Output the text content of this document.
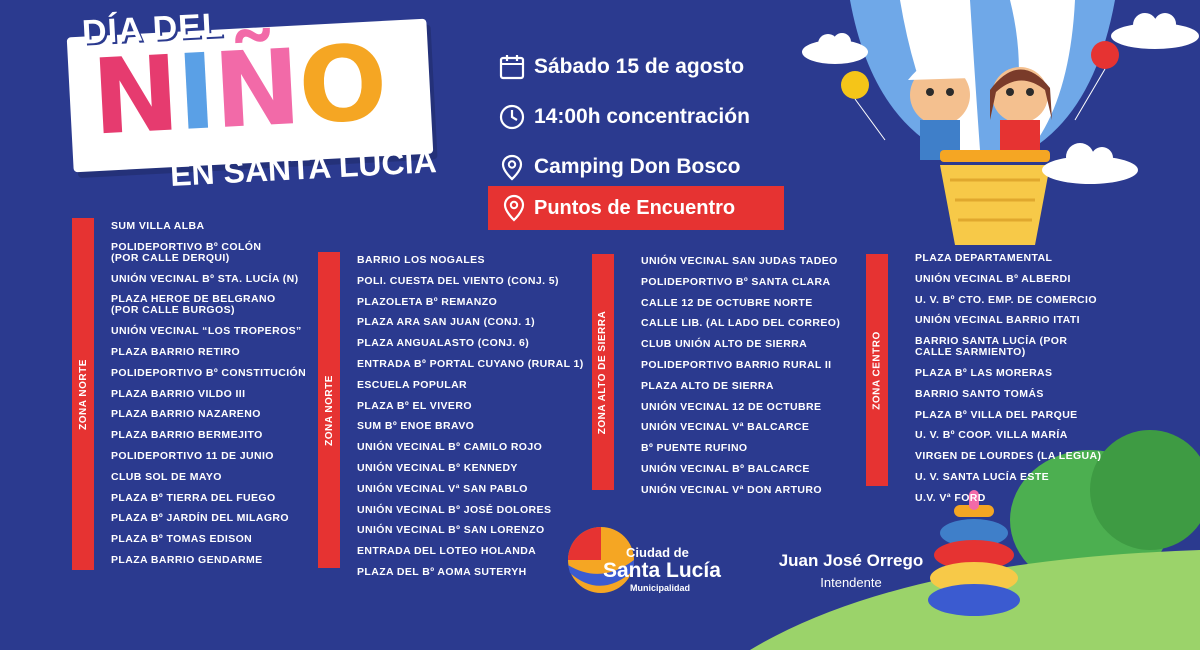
DÍA DEL
N
I
Ñ
O
EN SANTA LUCÍA
Sábado 15 de agosto
14:00h concentración
Camping Don Bosco
Puntos de Encuentro
ZONA NORTE
SUM VILLA ALBA
POLIDEPORTIVO Bº COLÓN
(POR CALLE DERQUI)
UNIÓN VECINAL Bº STA. LUCÍA (N)
PLAZA HEROE DE BELGRANO
(POR CALLE BURGOS)
UNIÓN VECINAL “LOS TROPEROS”
PLAZA BARRIO RETIRO
POLIDEPORTIVO Bº CONSTITUCIÓN
PLAZA BARRIO VILDO III
PLAZA BARRIO NAZARENO
PLAZA BARRIO BERMEJITO
POLIDEPORTIVO 11 DE JUNIO
CLUB SOL DE MAYO
PLAZA Bº TIERRA DEL FUEGO
PLAZA Bº JARDÍN DEL MILAGRO
PLAZA Bº TOMAS EDISON
PLAZA BARRIO GENDARME
ZONA NORTE
BARRIO LOS NOGALES
POLI. CUESTA DEL VIENTO (CONJ. 5)
PLAZOLETA Bº REMANZO
PLAZA ARA SAN JUAN (CONJ. 1)
PLAZA ANGUALASTO (CONJ. 6)
ENTRADA Bº PORTAL CUYANO (RURAL 1)
ESCUELA POPULAR
PLAZA Bº EL VIVERO
SUM Bº ENOE BRAVO
UNIÓN VECINAL Bº CAMILO ROJO
UNIÓN VECINAL Bº KENNEDY
UNIÓN VECINAL Vª SAN PABLO
UNIÓN VECINAL Bº JOSÉ DOLORES
UNIÓN VECINAL Bº SAN LORENZO
ENTRADA DEL LOTEO HOLANDA
PLAZA DEL Bº AOMA SUTERYH
ZONA ALTO DE SIERRA
UNIÓN VECINAL SAN JUDAS TADEO
POLIDEPORTIVO Bº SANTA CLARA
CALLE 12 DE OCTUBRE NORTE
CALLE LIB. (AL LADO DEL CORREO)
CLUB UNIÓN ALTO DE SIERRA
POLIDEPORTIVO BARRIO RURAL II
PLAZA ALTO DE SIERRA
UNIÓN VECINAL 12 DE OCTUBRE
UNIÓN VECINAL Vª BALCARCE
Bº PUENTE RUFINO
UNIÓN VECINAL Bº BALCARCE
UNIÓN VECINAL Vª DON ARTURO
ZONA CENTRO
PLAZA DEPARTAMENTAL
UNIÓN VECINAL Bº ALBERDI
U. V. Bº CTO. EMP. DE COMERCIO
UNIÓN VECINAL BARRIO ITATI
BARRIO SANTA LUCÍA (POR
CALLE SARMIENTO)
PLAZA Bº LAS MORERAS
BARRIO SANTO TOMÁS
PLAZA Bº VILLA DEL PARQUE
U. V. Bº COOP. VILLA MARÍA
VIRGEN DE LOURDES (LA LEGUA)
U. V. SANTA LUCÍA ESTE
U.V. Vª FORD
Ciudad de
Santa Lucía
Municipalidad
Juan José Orrego
Intendente
